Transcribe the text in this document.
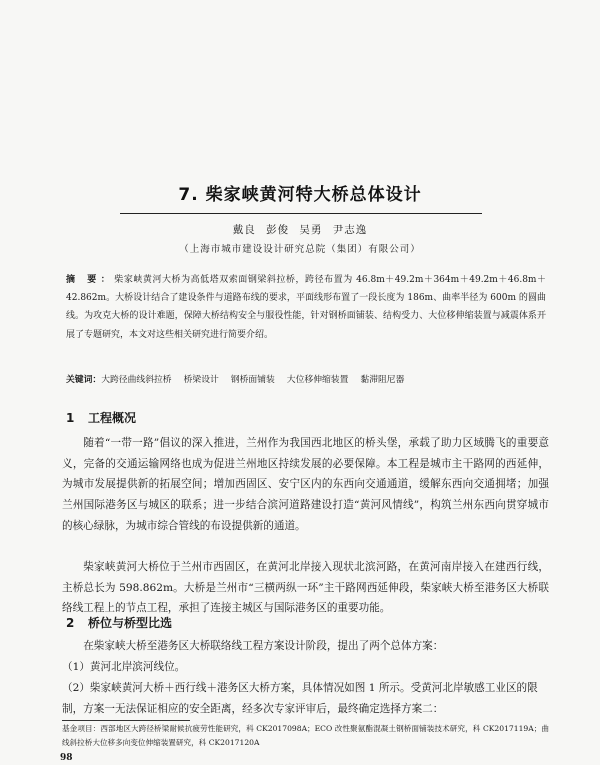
7. 柴家峡黄河特大桥总体设计
戴良 彭俊 吴勇 尹志逸
（上海市城市建设设计研究总院（集团）有限公司）
摘 要：柴家峡黄河大桥为高低塔双索面钢梁斜拉桥，跨径布置为 46.8m＋49.2m＋364m＋49.2m＋46.8m＋42.862m。大桥设计结合了建设条件与道路布线的要求，平面线形布置了一段长度为 186m、曲率半径为 600m 的圆曲线。为攻克大桥的设计难题，保障大桥结构安全与服役性能，针对钢桥面铺装、结构受力、大位移伸缩装置与减震体系开展了专题研究，本文对这些相关研究进行简要介绍。
关键词：大跨径曲线斜拉桥 桥梁设计 钢桥面铺装 大位移伸缩装置 黏滞阻尼器
1 工程概况

随着“一带一路”倡议的深入推进，兰州作为我国西北地区的桥头堡，承载了助力区域腾飞的重要意义，完备的交通运输网络也成为促进兰州地区持续发展的必要保障。本工程是城市主干路网的西延伸，为城市发展提供新的拓展空间；增加西固区、安宁区内的东西向交通通道，缓解东西向交通拥堵；加强兰州国际港务区与城区的联系；进一步结合滨河道路建设打造“黄河风情线”，构筑兰州东西向贯穿城市的核心绿脉，为城市综合管线的布设提供新的通道。

柴家峡黄河大桥位于兰州市西固区，在黄河北岸接入现状北滨河路，在黄河南岸接入在建西行线，主桥总长为 598.862m。大桥是兰州市“三横两纵一环”主干路网西延伸段，柴家峡大桥至港务区大桥联络线工程上的节点工程，承担了连接主城区与国际港务区的重要功能。

2 桥位与桥型比选

在柴家峡大桥至港务区大桥联络线工程方案设计阶段，提出了两个总体方案：

（1）黄河北岸滨河线位。

（2）柴家峡黄河大桥＋西行线＋港务区大桥方案，具体情况如图 1 所示。受黄河北岸敏感工业区的限制，方案一无法保证相应的安全距离，经多次专家评审后，最终确定选择方案二：

基金项目：西部地区大跨径桥梁耐候抗疲劳性能研究，科 CK2017098A；ECO 改性聚氨酯混凝土钢桥面铺装技术研究，科 CK2017119A；曲线斜拉桥大位移多向变位伸缩装置研究，科 CK2017120A
98
